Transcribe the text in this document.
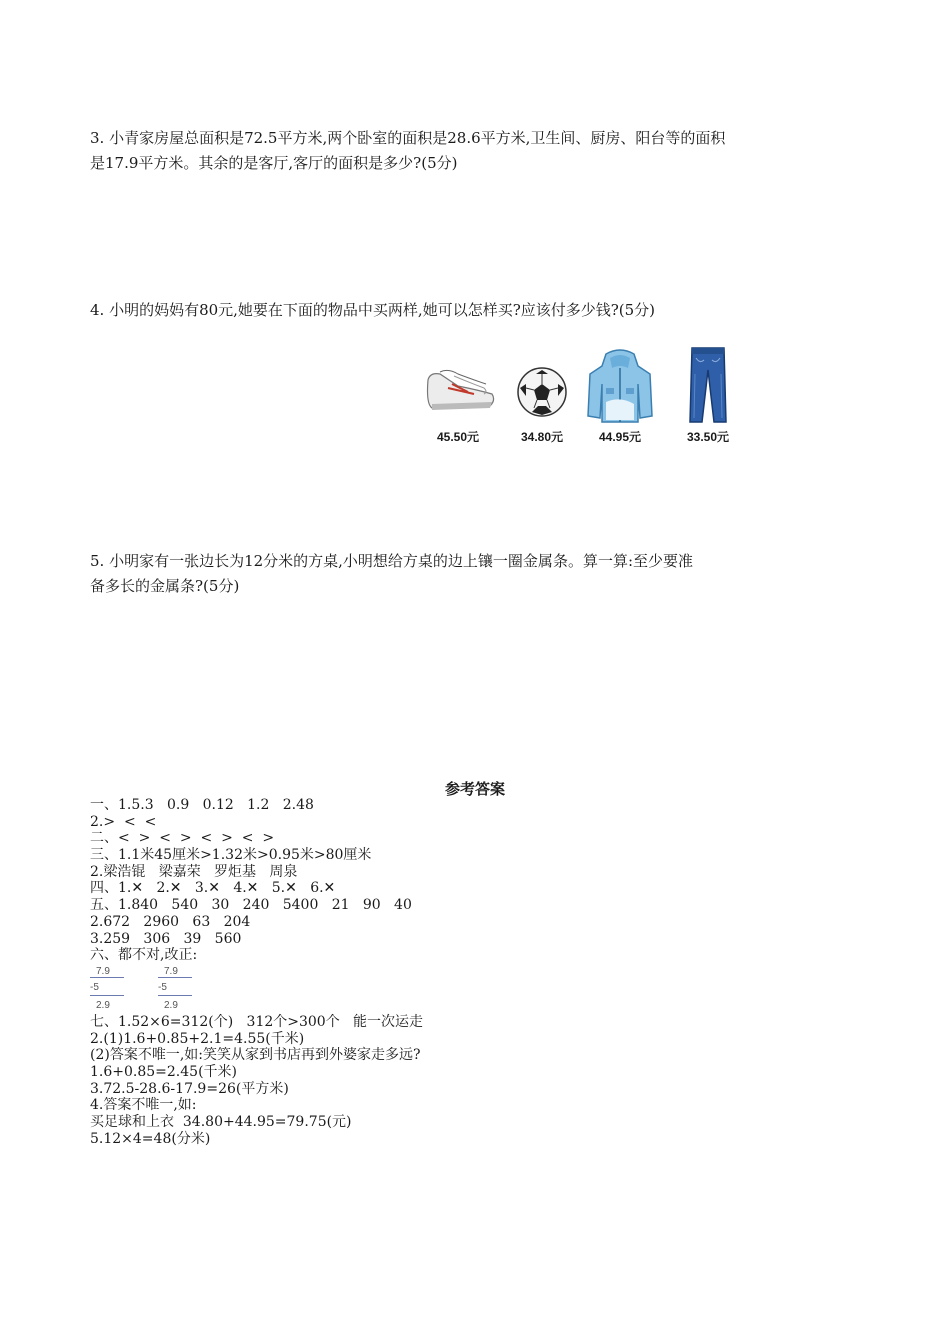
3. 小青家房屋总面积是72.5平方米,两个卧室的面积是28.6平方米,卫生间、厨房、阳台等的面积是17.9平方米。其余的是客厅,客厅的面积是多少?(5分)

4. 小明的妈妈有80元,她要在下面的物品中买两样,她可以怎样买?应该付多少钱?(5分)

45.50元	34.80元	44.95元	33.50元

5. 小明家有一张边长为12分米的方桌,小明想给方桌的边上镶一圈金属条。算一算:至少要准备多长的金属条?(5分)

参考答案
一、1.5.3   0.9   0.12   1.2   2.48
2.>  <  <
二、<  >  <  >  <  >  <  >
三、1.1米45厘米>1.32米>0.95米>80厘米
2.梁浩锟   梁嘉荣   罗炬基   周泉
四、1.✕   2.✕   3.✕   4.✕   5.✕   6.✕
五、1.840   540   30   240   5400   21   90   40
2.672   2960   63   204
3.259   306   39   560
六、都不对,改正:
7.9
-5
2.9
7.9
-5
2.9
七、1.52×6=312(个)   312个>300个   能一次运走
2.(1)1.6+0.85+2.1=4.55(千米)
(2)答案不唯一,如:笑笑从家到书店再到外婆家走多远?
1.6+0.85=2.45(千米)
3.72.5-28.6-17.9=26(平方米)
4.答案不唯一,如:
买足球和上衣  34.80+44.95=79.75(元)
5.12×4=48(分米)
